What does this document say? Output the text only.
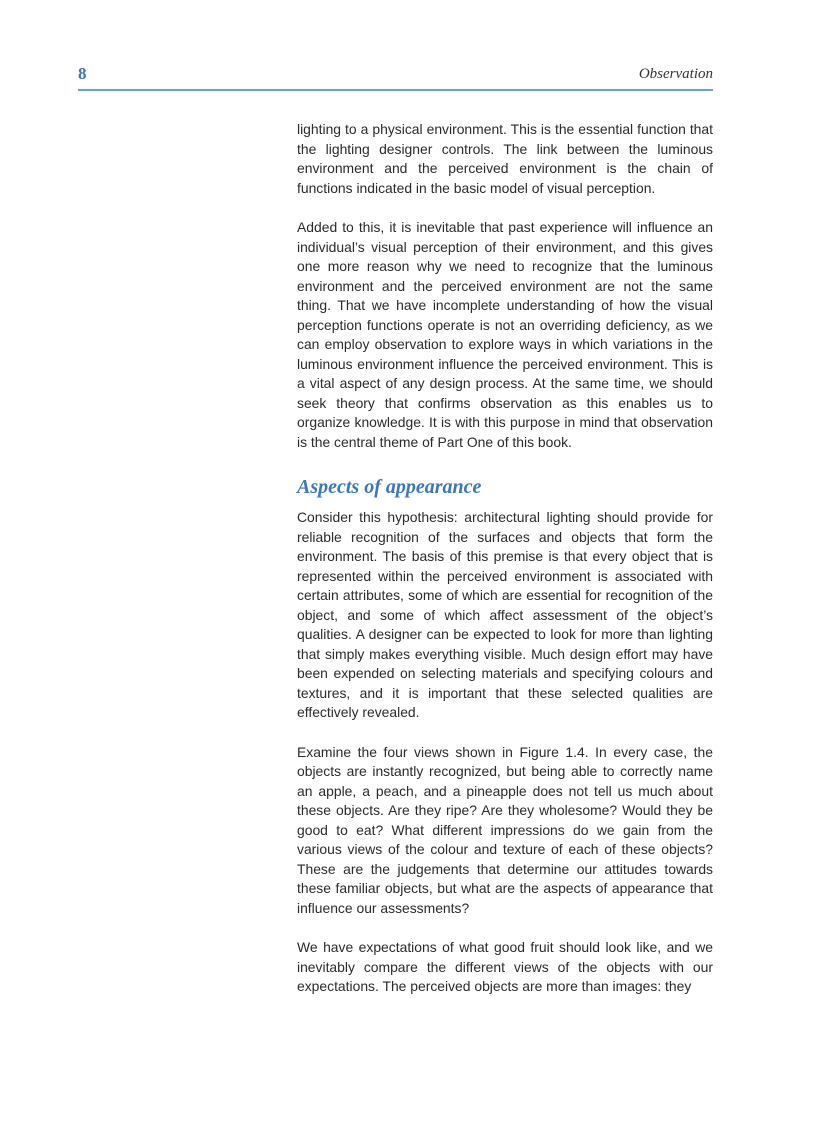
8	Observation

lighting to a physical environment. This is the essential function that the lighting designer controls. The link between the luminous environment and the perceived environment is the chain of functions indicated in the basic model of visual perception.

Added to this, it is inevitable that past experience will influence an individual’s visual perception of their environment, and this gives one more reason why we need to recognize that the luminous environment and the perceived environment are not the same thing. That we have incomplete understanding of how the visual perception functions operate is not an overriding deficiency, as we can employ observation to explore ways in which variations in the luminous environment influence the perceived environment. This is a vital aspect of any design process. At the same time, we should seek theory that confirms observation as this enables us to organize knowledge. It is with this purpose in mind that observation is the central theme of Part One of this book.

Aspects of appearance

Consider this hypothesis: architectural lighting should provide for reliable recognition of the surfaces and objects that form the environment. The basis of this premise is that every object that is represented within the perceived environment is associated with certain attributes, some of which are essential for recognition of the object, and some of which affect assessment of the object’s qualities. A designer can be expected to look for more than lighting that simply makes everything visible. Much design effort may have been expended on selecting materials and specifying colours and textures, and it is important that these selected qualities are effectively revealed.

Examine the four views shown in Figure 1.4. In every case, the objects are instantly recognized, but being able to correctly name an apple, a peach, and a pineapple does not tell us much about these objects. Are they ripe? Are they wholesome? Would they be good to eat? What different impressions do we gain from the various views of the colour and texture of each of these objects? These are the judgements that determine our attitudes towards these familiar objects, but what are the aspects of appearance that influence our assessments?

We have expectations of what good fruit should look like, and we inevitably compare the different views of the objects with our expectations. The perceived objects are more than images: they
